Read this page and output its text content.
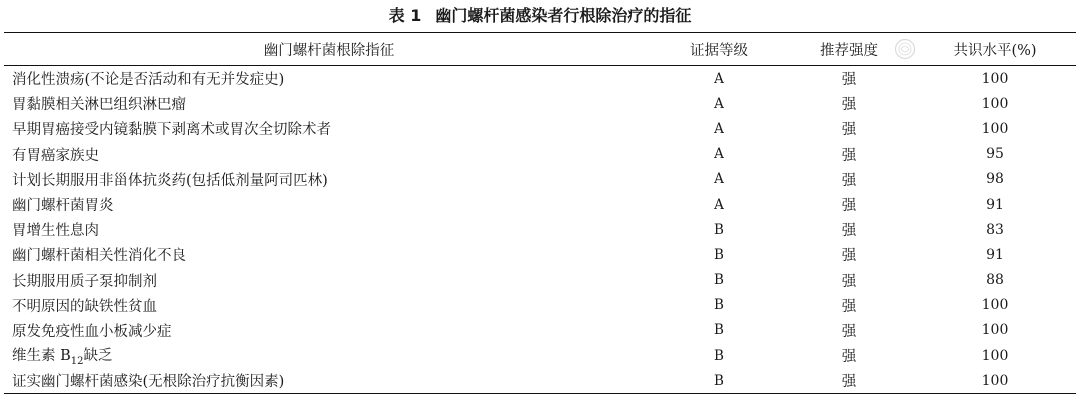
表 1 幽门螺杆菌感染者行根除治疗的指征
幽门螺杆菌根除指征	证据等级	推荐强度	共识水平(%)
消化性溃疡(不论是否活动和有无并发症史)	A	强	100
胃黏膜相关淋巴组织淋巴瘤	A	强	100
早期胃癌接受内镜黏膜下剥离术或胃次全切除术者	A	强	100
有胃癌家族史	A	强	95
计划长期服用非甾体抗炎药(包括低剂量阿司匹林)	A	强	98
幽门螺杆菌胃炎	A	强	91
胃增生性息肉	B	强	83
幽门螺杆菌相关性消化不良	B	强	91
长期服用质子泵抑制剂	B	强	88
不明原因的缺铁性贫血	B	强	100
原发免疫性血小板减少症	B	强	100
维生素 $B_{12}$缺乏	B	强	100
证实幽门螺杆菌感染(无根除治疗抗衡因素)	B	强	100
